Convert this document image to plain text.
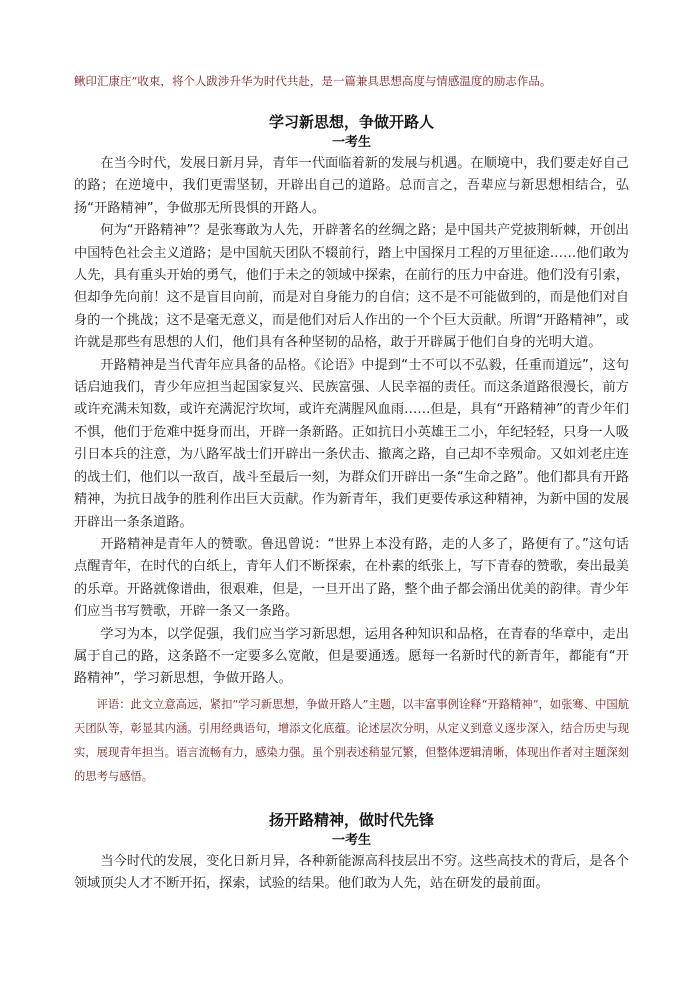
鳅印汇康庄”收束，将个人跋涉升华为时代共赴，是一篇兼具思想高度与情感温度的励志作品。

学习新思想，争做开路人
一考生

在当今时代，发展日新月异，青年一代面临着新的发展与机遇。在顺境中，我们要走好自己的路；在逆境中，我们更需坚韧，开辟出自己的道路。总而言之，吾辈应与新思想相结合，弘扬“开路精神”，争做那无所畏惧的开路人。

何为“开路精神”？是张骞敢为人先，开辟著名的丝绸之路；是中国共产党披荆斩棘，开创出中国特色社会主义道路；是中国航天团队不辍前行，踏上中国探月工程的万里征途……他们敢为人先，具有重头开始的勇气，他们于未之的领域中探索，在前行的压力中奋进。他们没有引索，但却争先向前！这不是盲目向前，而是对自身能力的自信；这不是不可能做到的，而是他们对自身的一个挑战；这不是毫无意义，而是他们对后人作出的一个个巨大贡献。所谓“开路精神”，或许就是那些有思想的人们，他们具有各种坚韧的品格，敢于开辟属于他们自身的光明大道。

开路精神是当代青年应具备的品格。《论语》中提到“士不可以不弘毅，任重而道远”，这句话启迪我们，青少年应担当起国家复兴、民族富强、人民幸福的责任。而这条道路很漫长，前方或许充满未知数，或许充满泥泞坎坷，或许充满腥风血雨……但是，具有“开路精神”的青少年们不惧，他们于危难中挺身而出，开辟一条新路。正如抗日小英雄王二小，年纪轻轻，只身一人吸引日本兵的注意，为八路军战士们开辟出一条伏击、撤离之路，自己却不幸殒命。又如刘老庄连的战士们，他们以一敌百，战斗至最后一刻，为群众们开辟出一条“生命之路”。他们都具有开路精神，为抗日战争的胜利作出巨大贡献。作为新青年，我们更要传承这种精神，为新中国的发展开辟出一条条道路。

开路精神是青年人的赞歌。鲁迅曾说：“世界上本没有路，走的人多了，路便有了。”这句话点醒青年，在时代的白纸上，青年人们不断探索，在朴素的纸张上，写下青春的赞歌，奏出最美的乐章。开路就像谱曲，很艰难，但是，一旦开出了路，整个曲子都会涌出优美的韵律。青少年们应当书写赞歌，开辟一条又一条路。

学习为本，以学促强，我们应当学习新思想，运用各种知识和品格，在青春的华章中，走出属于自己的路，这条路不一定要多么宽敞，但是要通透。愿每一名新时代的新青年，都能有“开路精神”，学习新思想，争做开路人。

评语：此文立意高远，紧扣“学习新思想，争做开路人”主题，以丰富事例诠释“开路精神”，如张骞、中国航天团队等，彰显其内涵。引用经典语句，增添文化底蕴。论述层次分明，从定义到意义逐步深入，结合历史与现实，展现青年担当。语言流畅有力，感染力强。虽个别表述稍显冗繁，但整体逻辑清晰，体现出作者对主题深刻的思考与感悟。

扬开路精神，做时代先锋
一考生

当今时代的发展，变化日新月异，各种新能源高科技层出不穷。这些高技术的背后，是各个领域顶尖人才不断开拓，探索，试验的结果。他们敢为人先，站在研发的最前面。
